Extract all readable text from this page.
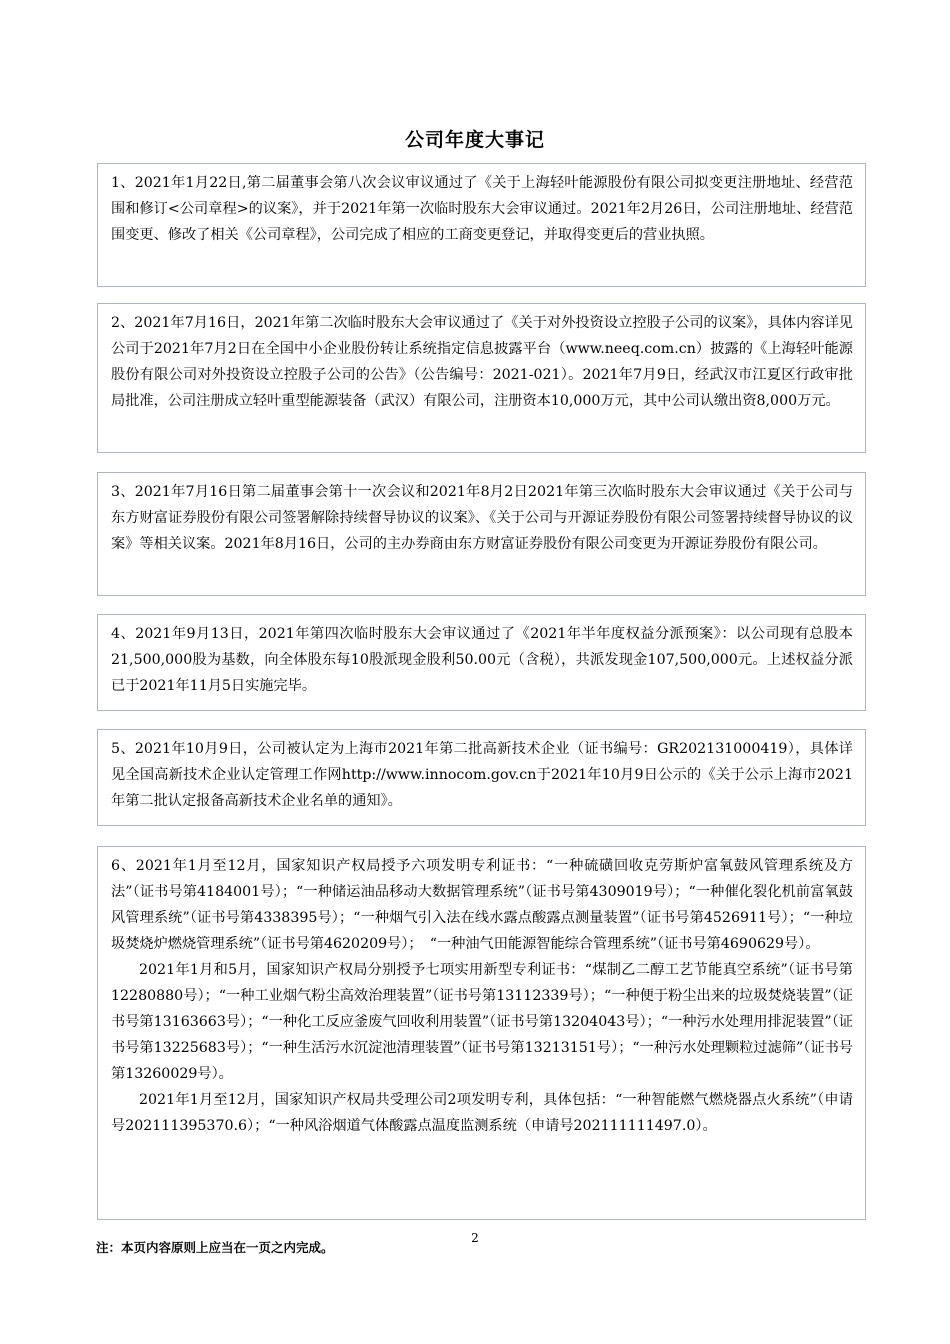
公司年度大事记

1、2021年1月22日,第二届董事会第八次会议审议通过了《关于上海轻叶能源股份有限公司拟变更注册地址、经营范围和修订<公司章程>的议案》，并于2021年第一次临时股东大会审议通过。2021年2月26日，公司注册地址、经营范围变更、修改了相关《公司章程》，公司完成了相应的工商变更登记，并取得变更后的营业执照。

2、2021年7月16日，2021年第二次临时股东大会审议通过了《关于对外投资设立控股子公司的议案》，具体内容详见公司于2021年7月2日在全国中小企业股份转让系统指定信息披露平台（www.neeq.com.cn）披露的《上海轻叶能源股份有限公司对外投资设立控股子公司的公告》（公告编号：2021-021）。2021年7月9日，经武汉市江夏区行政审批局批准，公司注册成立轻叶重型能源装备（武汉）有限公司，注册资本10,000万元，其中公司认缴出资8,000万元。

3、2021年7月16日第二届董事会第十一次会议和2021年8月2日2021年第三次临时股东大会审议通过《关于公司与东方财富证券股份有限公司签署解除持续督导协议的议案》、《关于公司与开源证券股份有限公司签署持续督导协议的议案》等相关议案。2021年8月16日，公司的主办券商由东方财富证券股份有限公司变更为开源证券股份有限公司。

4、2021年9月13日，2021年第四次临时股东大会审议通过了《2021年半年度权益分派预案》：以公司现有总股本21,500,000股为基数，向全体股东每10股派现金股利50.00元（含税），共派发现金107,500,000元。上述权益分派已于2021年11月5日实施完毕。

5、2021年10月9日，公司被认定为上海市2021年第二批高新技术企业（证书编号：GR202131000419），具体详见全国高新技术企业认定管理工作网http://www.innocom.gov.cn于2021年10月9日公示的《关于公示上海市2021年第二批认定报备高新技术企业名单的通知》。

6、2021年1月至12月，国家知识产权局授予六项发明专利证书：“一种硫磺回收克劳斯炉富氧鼓风管理系统及方法”（证书号第4184001号）；“一种储运油品移动大数据管理系统”（证书号第4309019号）；“一种催化裂化机前富氧鼓风管理系统”（证书号第4338395号）；“一种烟气引入法在线水露点酸露点测量装置”（证书号第4526911号）；“一种垃圾焚烧炉燃烧管理系统”（证书号第4620209号）；　“一种油气田能源智能综合管理系统”（证书号第4690629号）。

2021年1月和5月，国家知识产权局分别授予七项实用新型专利证书：“煤制乙二醇工艺节能真空系统”（证书号第12280880号）；“一种工业烟气粉尘高效治理装置”（证书号第13112339号）；“一种便于粉尘出来的垃圾焚烧装置”（证书号第13163663号）；“一种化工反应釜废气回收利用装置”（证书号第13204043号）；“一种污水处理用排泥装置”（证书号第13225683号）；“一种生活污水沉淀池清理装置”（证书号第13213151号）；“一种污水处理颗粒过滤筛”（证书号第13260029号）。

2021年1月至12月，国家知识产权局共受理公司2项发明专利，具体包括：“一种智能燃气燃烧器点火系统”（申请号202111395370.6）；“一种风浴烟道气体酸露点温度监测系统（申请号202111111497.0）。

2
注：本页内容原则上应当在一页之内完成。
